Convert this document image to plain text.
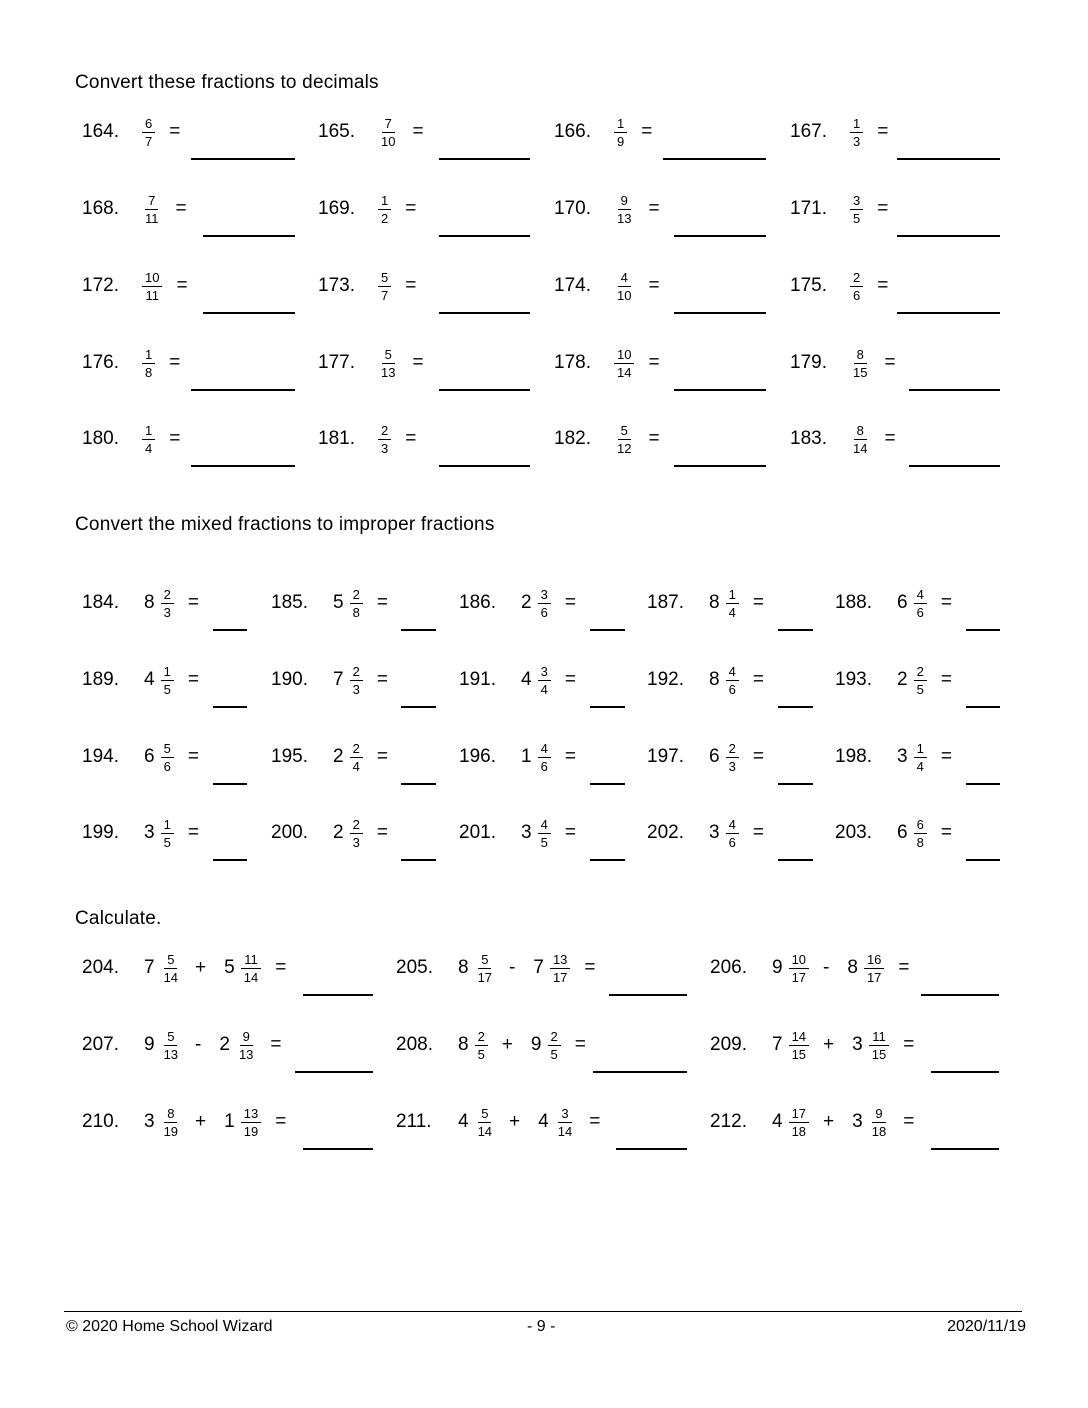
Convert these fractions to decimals
Convert the mixed fractions to improper fractions
Calculate.
164.	$\frac{6}{7}$ =	165.	$\frac{7}{10}$ =	166.	$\frac{1}{9}$ =	167.	$\frac{1}{3}$ =
168.	$\frac{7}{11}$ =	169.	$\frac{1}{2}$ =	170.	$\frac{9}{13}$ =	171.	$\frac{3}{5}$ =
172.	$\frac{10}{11}$ =	173.	$\frac{5}{7}$ =	174.	$\frac{4}{10}$ =	175.	$\frac{2}{6}$ =
176.	$\frac{1}{8}$ =	177.	$\frac{5}{13}$ =	178.	$\frac{10}{14}$ =	179.	$\frac{8}{15}$ =
180.	$\frac{1}{4}$ =	181.	$\frac{2}{3}$ =	182.	$\frac{5}{12}$ =	183.	$\frac{8}{14}$ =
184. $8 \frac{2}{3}$ =	185. $5 \frac{2}{8}$ =	186. $2 \frac{3}{6}$ =	187. $8 \frac{1}{4}$ =	188. $6 \frac{4}{6}$ =
189. $4 \frac{1}{5}$ =	190. $7 \frac{2}{3}$ =	191. $4 \frac{3}{4}$ =	192. $8 \frac{4}{6}$ =	193. $2 \frac{2}{5}$ =
194. $6 \frac{5}{6}$ =	195. $2 \frac{2}{4}$ =	196. $1 \frac{4}{6}$ =	197. $6 \frac{2}{3}$ =	198. $3 \frac{1}{4}$ =
199. $3 \frac{1}{5}$ =	200. $2 \frac{2}{3}$ =	201. $3 \frac{4}{5}$ =	202. $3 \frac{4}{6}$ =	203. $6 \frac{6}{8}$ =
204. $7 \frac{5}{14} + 5 \frac{11}{14}$ =	205. $8 \frac{5}{17} - 7 \frac{13}{17}$ =	206. $9 \frac{10}{17} - 8 \frac{16}{17}$ =
207. $9 \frac{5}{13} - 2 \frac{9}{13}$ =	208. $8 \frac{2}{5} + 9 \frac{2}{5}$ =	209. $7 \frac{14}{15} + 3 \frac{11}{15}$ =
210. $3 \frac{8}{19} + 1 \frac{13}{19}$ =	211.	$4 \frac{5}{14} + 4 \frac{3}{14}$ =	212. $4 \frac{17}{18} + 3 \frac{9}{18}$ =
© 2020 Home School Wizard	- 9 -	2020/11/19
